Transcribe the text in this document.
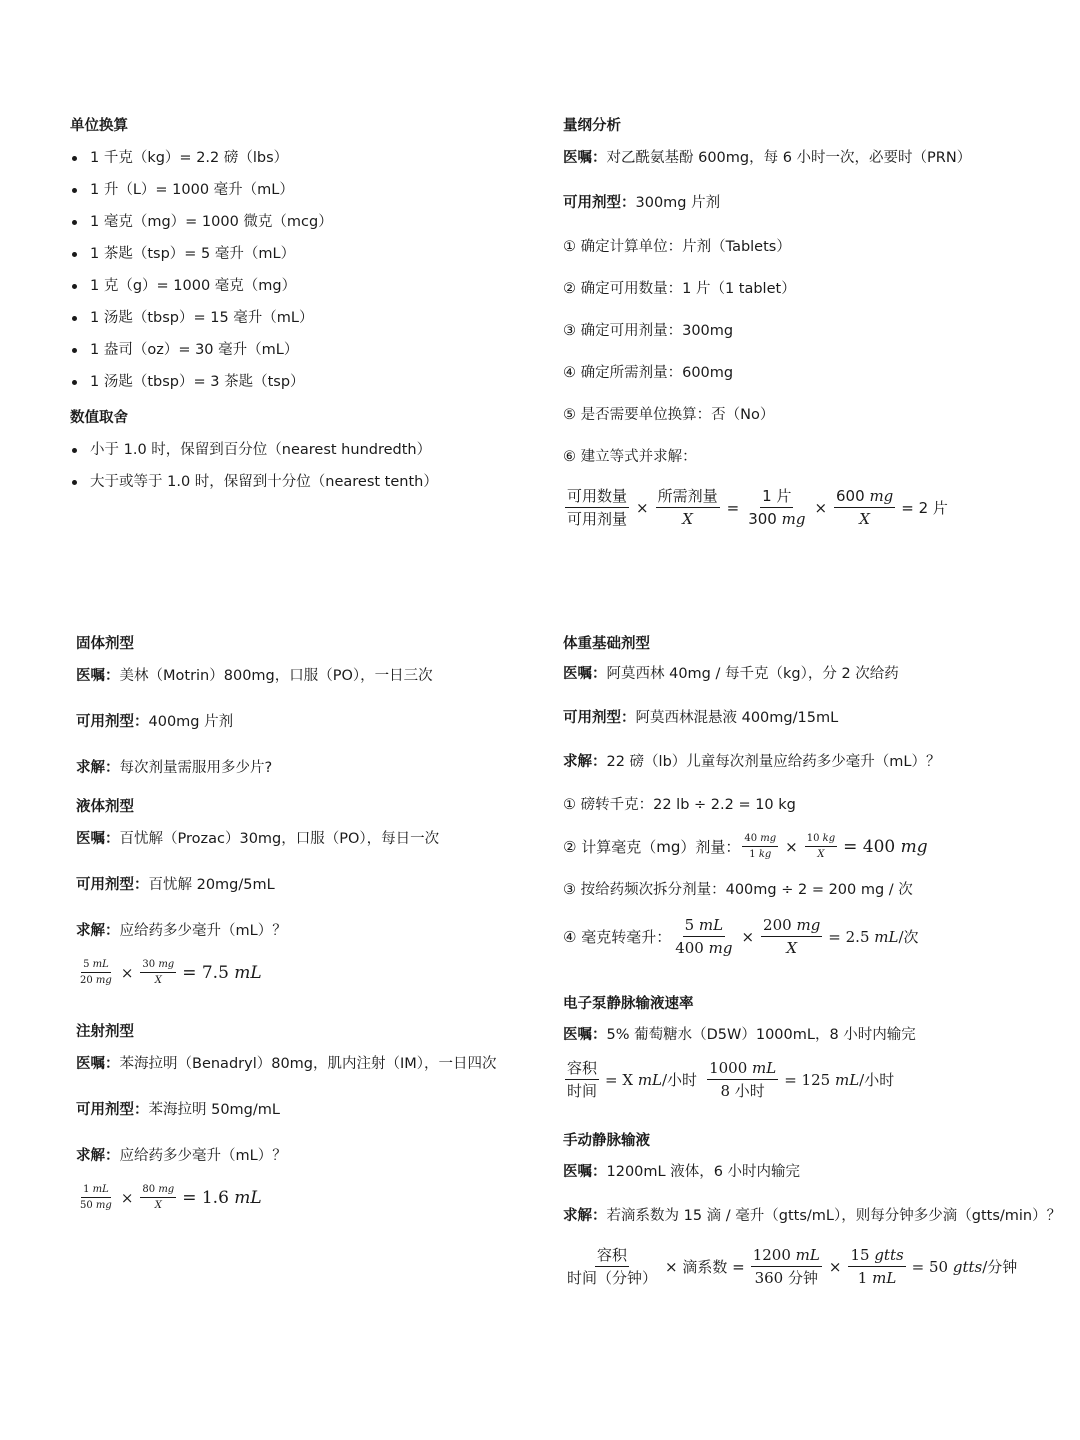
单位换算

1 千克（kg）= 2.2 磅（lbs）
1 升（L）= 1000 毫升（mL）
1 毫克（mg）= 1000 微克（mcg）
1 茶匙（tsp）= 5 毫升（mL）
1 克（g）= 1000 毫克（mg）
1 汤匙（tbsp）= 15 毫升（mL）
1 盎司（oz）= 30 毫升（mL）
1 汤匙（tbsp）= 3 茶匙（tsp）

数值取舍

小于 1.0 时，保留到百分位（nearest hundredth）
大于或等于 1.0 时，保留到十分位（nearest tenth）

量纲分析

医嘱：对乙酰氨基酚 600mg，每 6 小时一次，必要时（PRN）

可用剂型：300mg 片剂

① 确定计算单位：片剂（Tablets）

② 确定可用数量：1 片（1 tablet）

③ 确定可用剂量：300mg

④ 确定所需剂量：600mg

⑤ 是否需要单位换算：否（No）

⑥ 建立等式并求解：

$\frac{\text{可用数量}}{\text{可用剂量}} \times \frac{\text{所需剂量}}{X} = \frac{\text{1 片}}{300 mg} \times \frac{600 mg}{X} = 2$ 片

固体剂型

医嘱：美林（Motrin）800mg，口服（PO），一日三次

可用剂型：400mg 片剂

求解：每次剂量需服用多少片?

液体剂型

医嘱：百忧解（Prozac）30mg，口服（PO），每日一次

可用剂型：百忧解 20mg/5mL

求解：应给药多少毫升（mL）？

$\frac{5 mL}{20 mg} \times \frac{30 mg}{X} = 7.5$ mL

注射剂型

医嘱：苯海拉明（Benadryl）80mg，肌内注射（IM），一日四次

可用剂型：苯海拉明 50mg/mL

求解：应给药多少毫升（mL）？

$\frac{1 mL}{50 mg} \times \frac{80 mg}{X} = 1.6$ mL

体重基础剂型

医嘱：阿莫西林 40mg / 每千克（kg），分 2 次给药

可用剂型：阿莫西林混悬液 400mg/15mL

求解：22 磅（lb）儿童每次剂量应给药多少毫升（mL）？

① 磅转千克：22 lb ÷ 2.2 = 10 kg

② 计算毫克（mg）剂量： $\frac{40 mg}{1 kg} \times \frac{10 kg}{X} = 400$ mg

③ 按给药频次拆分剂量：400mg ÷ 2 = 200 mg / 次

④ 毫克转毫升： $\frac{5 mL}{400 mg} \times \frac{200 mg}{X} = 2.5$ mL/次

电子泵静脉输液速率

医嘱：5% 葡萄糖水（D5W）1000mL，8 小时内输完

$\frac{\text{容积}}{\text{时间}} = X$ mL/小时 $\frac{1000 mL}{\text{8 小时}} = 125$ mL/小时

手动静脉输液

医嘱：1200mL 液体，6 小时内输完

求解：若滴系数为 15 滴 / 毫升（gtts/mL），则每分钟多少滴（gtts/min）？

$\frac{\text{容积}}{\text{时间（分钟）}}$ × 滴系数 = $\frac{1200 mL}{\text{360 分钟}} \times \frac{\text{15 gtts}}{1 mL} = 50$ gtts/分钟
